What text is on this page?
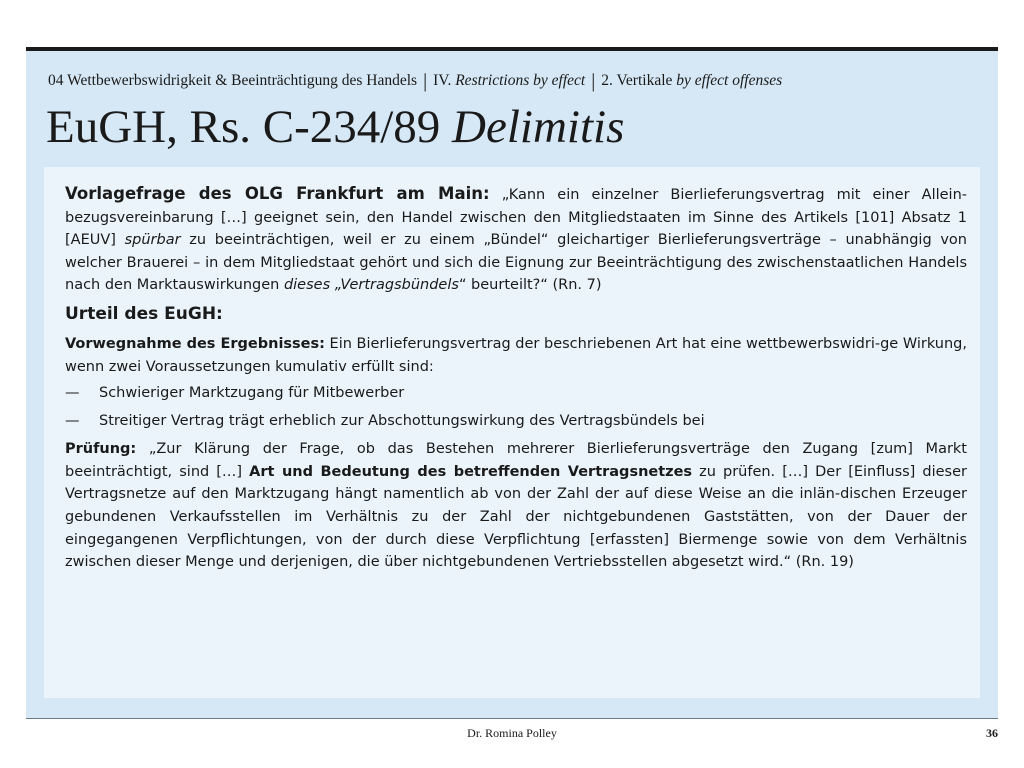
04 Wettbewerbswidrigkeit & Beeinträchtigung des Handels | IV. Restrictions by effect | 2. Vertikale by effect offenses
EuGH, Rs. C-234/89 Delimitis

Vorlagefrage des OLG Frankfurt am Main: „Kann ein einzelner Bierlieferungsvertrag mit einer Allein-bezugsvereinbarung […] geeignet sein, den Handel zwischen den Mitgliedstaaten im Sinne des Artikels [101] Absatz 1 [AEUV] spürbar zu beeinträchtigen, weil er zu einem „Bündel“ gleichartiger Bierlieferungsverträge – unabhängig von welcher Brauerei – in dem Mitgliedstaat gehört und sich die Eignung zur Beeinträchtigung des zwischenstaatlichen Handels nach den Marktauswirkungen dieses „Vertragsbündels“ beurteilt?“ (Rn. 7)

Urteil des EuGH:

Vorwegnahme des Ergebnisses: Ein Bierlieferungsvertrag der beschriebenen Art hat eine wettbewerbswidri-ge Wirkung, wenn zwei Voraussetzungen kumulativ erfüllt sind:

— Schwieriger Marktzugang für Mitbewerber
— Streitiger Vertrag trägt erheblich zur Abschottungswirkung des Vertragsbündels bei

Prüfung: „Zur Klärung der Frage, ob das Bestehen mehrerer Bierlieferungsverträge den Zugang [zum] Markt beeinträchtigt, sind […] Art und Bedeutung des betreffenden Vertragsnetzes zu prüfen. […] Der [Einfluss] dieser Vertragsnetze auf den Marktzugang hängt namentlich ab von der Zahl der auf diese Weise an die inlän-dischen Erzeuger gebundenen Verkaufsstellen im Verhältnis zu der Zahl der nichtgebundenen Gaststätten, von der Dauer der eingegangenen Verpflichtungen, von der durch diese Verpflichtung [erfassten] Biermenge sowie von dem Verhältnis zwischen dieser Menge und derjenigen, die über nichtgebundenen Vertriebsstellen abgesetzt wird.“ (Rn. 19)

Dr. Romina Polley	36
